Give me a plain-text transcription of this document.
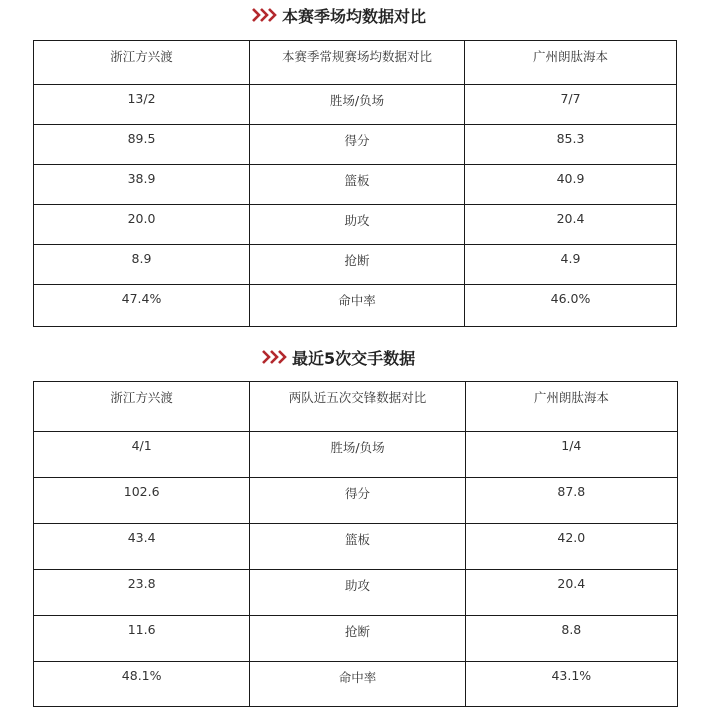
本赛季场均数据对比
浙江方兴渡	本赛季常规赛场均数据对比	广州朗肽海本
13/2	胜场/负场	7/7
89.5	得分	85.3
38.9	篮板	40.9
20.0	助攻	20.4
8.9	抢断	4.9
47.4%	命中率	46.0%
最近5次交手数据
浙江方兴渡	两队近五次交锋数据对比	广州朗肽海本
4/1	胜场/负场	1/4
102.6	得分	87.8
43.4	篮板	42.0
23.8	助攻	20.4
11.6	抢断	8.8
48.1%	命中率	43.1%
